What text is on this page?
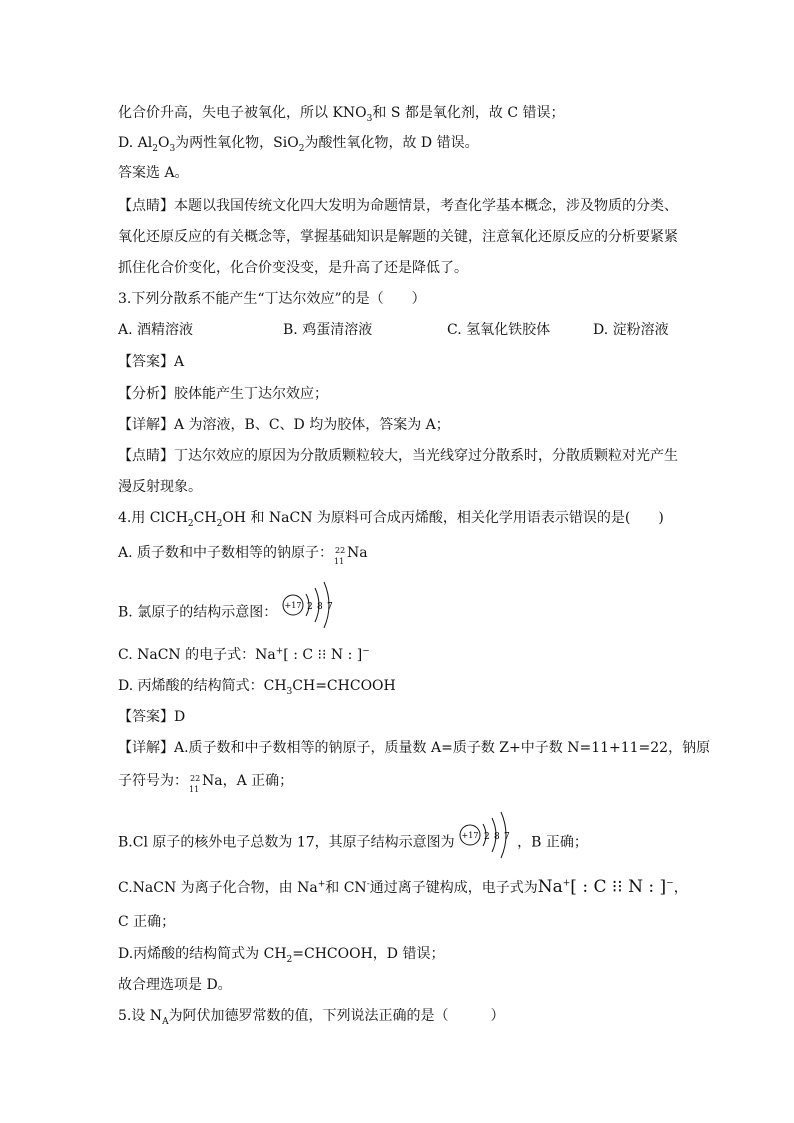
化合价升高，失电子被氧化，所以 $KNO_3$和 S 都是氧化剂，故 C 错误；
D. $Al_2O_3$为两性氧化物，SiO$_2$为酸性氧化物，故 D 错误。
答案选 A。
【点睛】本题以我国传统文化四大发明为命题情景，考查化学基本概念，涉及物质的分类、
氧化还原反应的有关概念等，掌握基础知识是解题的关键，注意氧化还原反应的分析要紧紧
抓住化合价变化，化合价变没变，是升高了还是降低了。
3.下列分散系不能产生“丁达尔效应”的是（　　）
A. 酒精溶液	B. 鸡蛋清溶液	C. 氢氧化铁胶体	D. 淀粉溶液
【答案】A
【分析】胶体能产生丁达尔效应；
【详解】A 为溶液，B、C、D 均为胶体，答案为 A；
【点睛】丁达尔效应的原因为分散质颗粒较大，当光线穿过分散系时，分散质颗粒对光产生
漫反射现象。
4.用 $ClCH_2CH_2OH$ 和 NaCN 为原料可合成丙烯酸，相关化学用语表示错误的是(　　)
A. 质子数和中子数相等的钠原子： 22
11
Na
B. 氯原子的结构示意图： +17 2 8 7
C. NaCN 的电子式：Na+[ : C ⁝⁝ N : ]−
D. 丙烯酸的结构简式：$CH_3CH=CHCOOH$
【答案】D
【详解】A.质子数和中子数相等的钠原子，质量数 A=质子数 Z+中子数 N=11+11=22，钠原
子符号为： 22
11
Na，A 正确；
B.Cl 原子的核外电子总数为 17，其原子结构示意图为 +17 2 8 7 ，B 正确；
C.NaCN 为离子化合物，由 Na+和 CN-通过离子键构成，电子式为Na+[ : C ⁝⁝ N : ]−，
C 正确；
D.丙烯酸的结构简式为 $CH_2=CHCOOH$，D 错误；
故合理选项是 D。
5.设 $N_A$为阿伏加德罗常数的值，下列说法正确的是（　　　）
